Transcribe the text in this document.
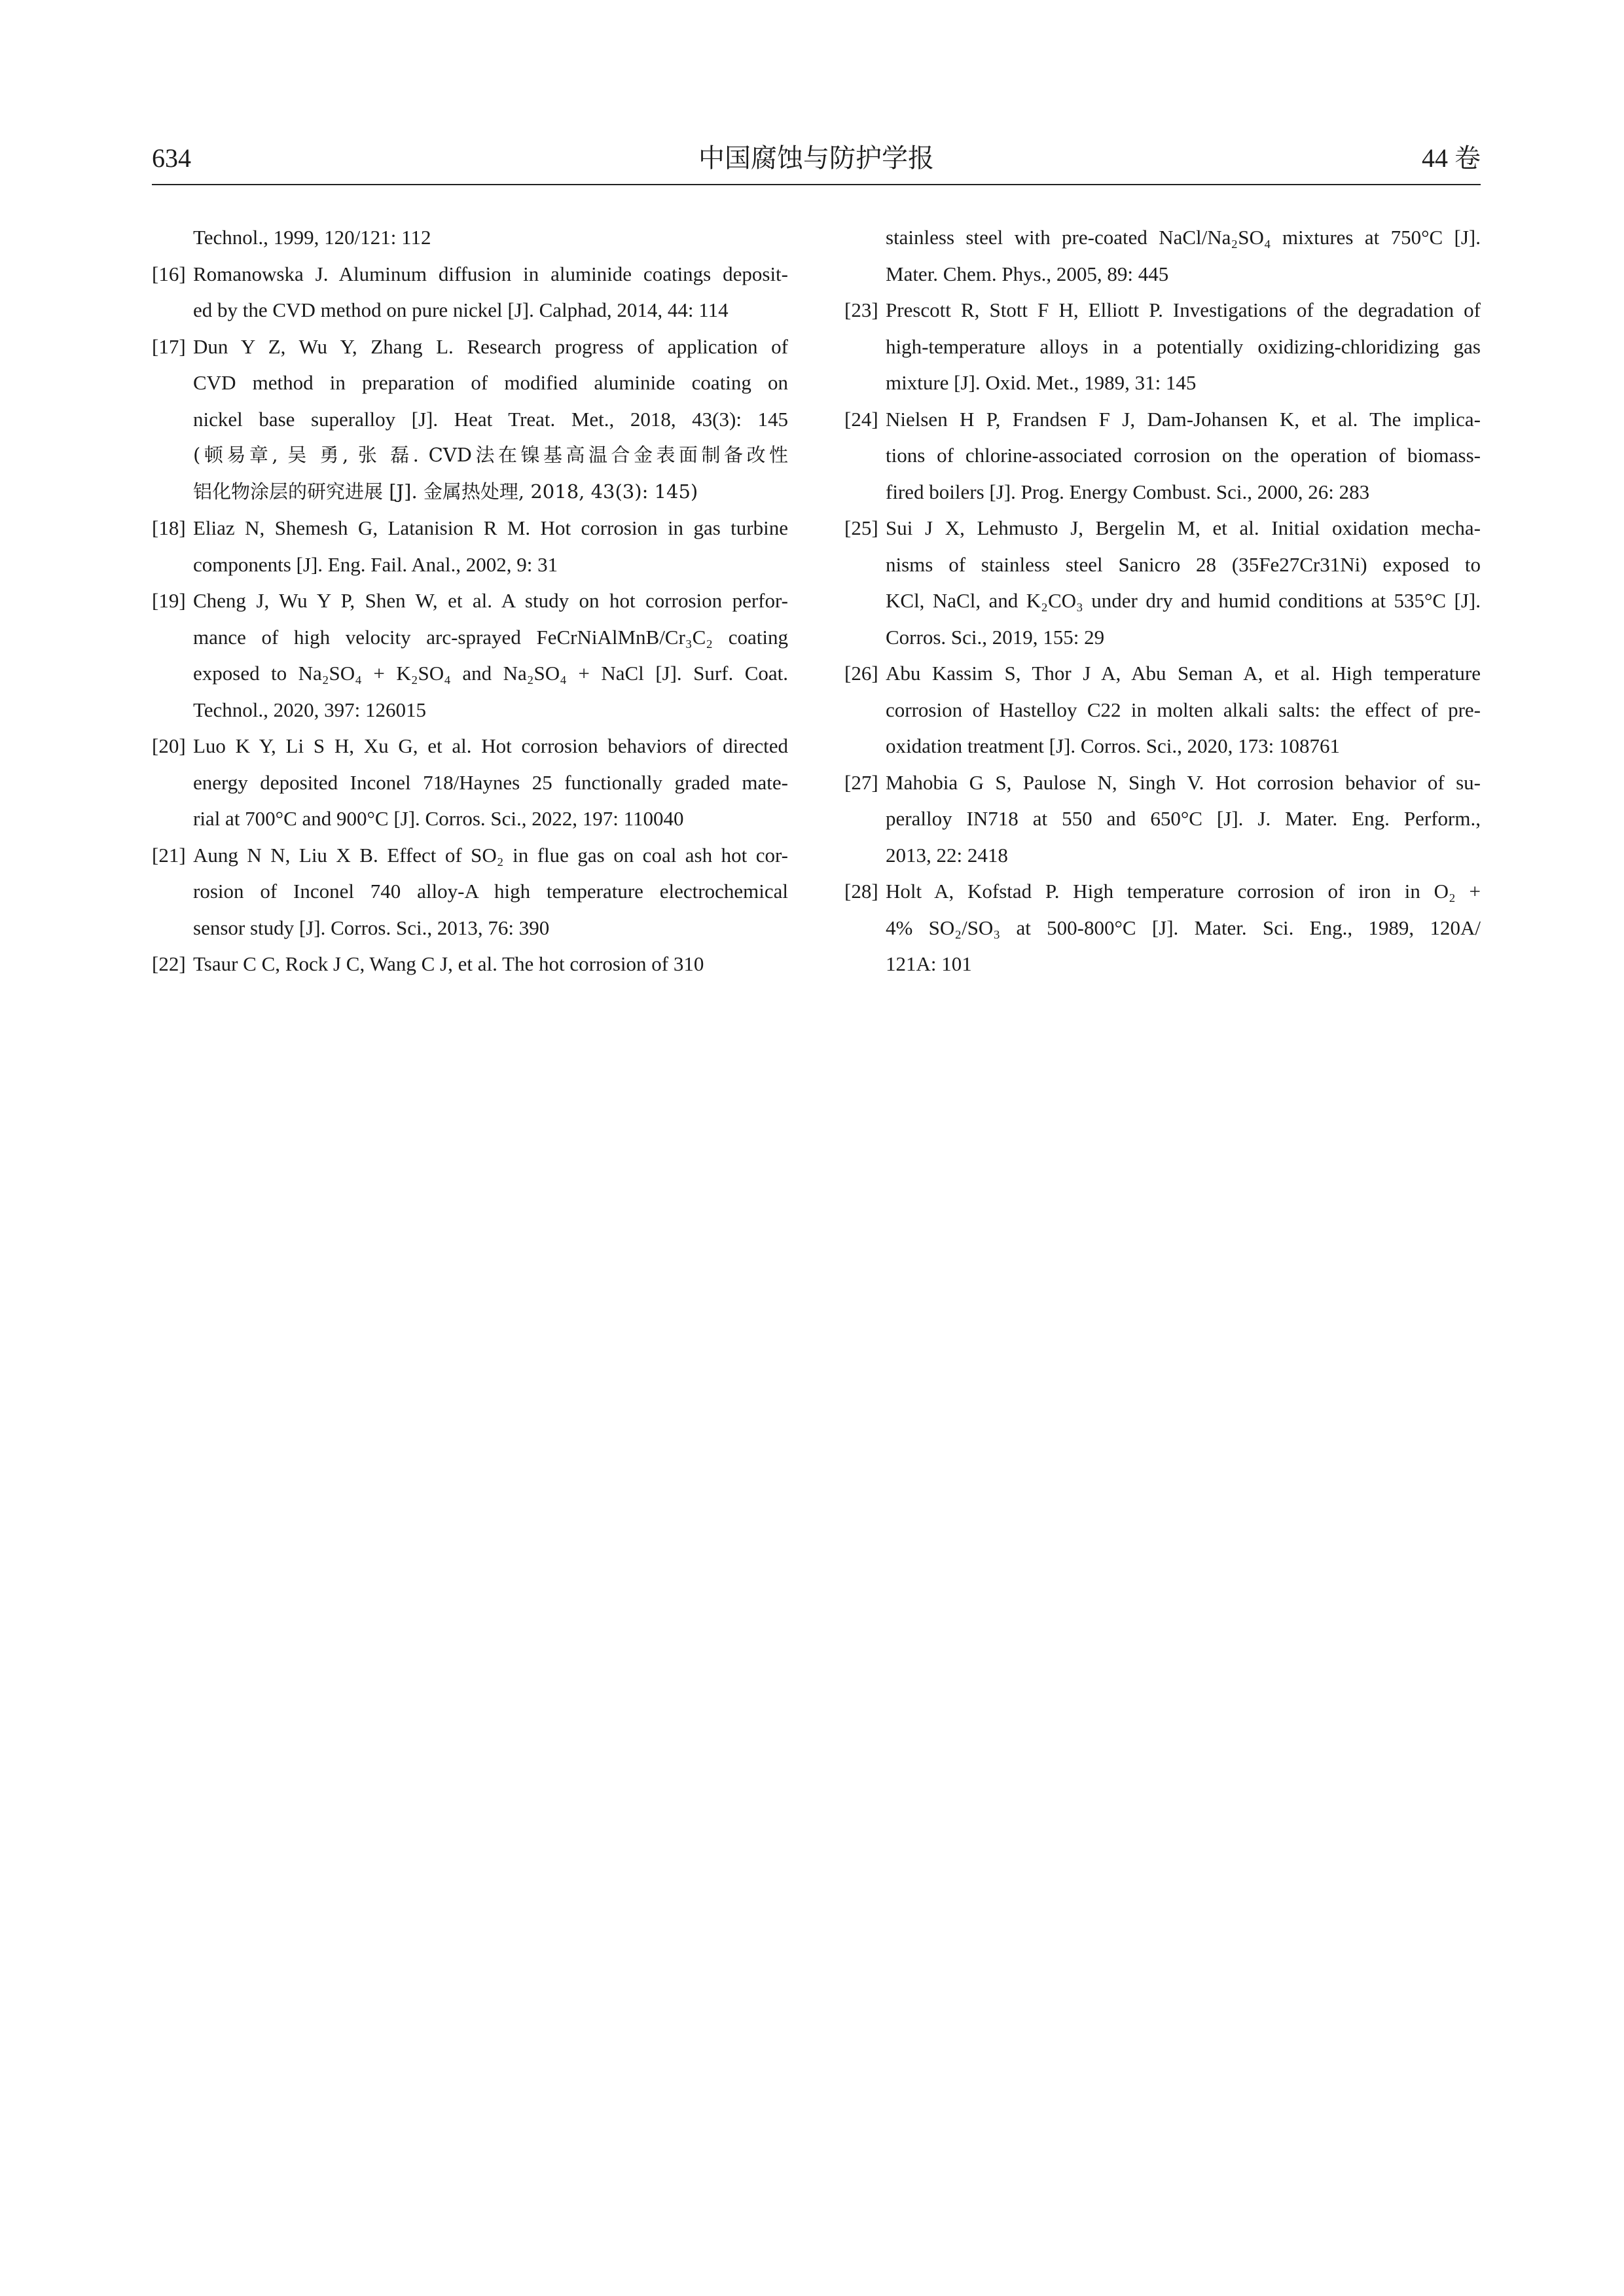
634	中国腐蚀与防护学报	44 卷
Technol., 1999, 120/121: 112
[16] Romanowska J. Aluminum diffusion in aluminide coatings deposit-
ed by the CVD method on pure nickel [J]. Calphad, 2014, 44: 114
[17] Dun Y Z, Wu Y, Zhang L. Research progress of application of
CVD method in preparation of modified aluminide coating on
nickel base superalloy [J]. Heat Treat. Met., 2018, 43(3): 145
(顿易章, 吴 勇, 张 磊. CVD法在镍基高温合金表面制备改性
铝化物涂层的研究进展 [J]. 金属热处理, 2018, 43(3): 145)
[18] Eliaz N, Shemesh G, Latanision R M. Hot corrosion in gas turbine
components [J]. Eng. Fail. Anal., 2002, 9: 31
[19] Cheng J, Wu Y P, Shen W, et al. A study on hot corrosion perfor-
mance of high velocity arc-sprayed FeCrNiAlMnB/Cr₃C₂ coating
exposed to Na₂SO₄ + K₂SO₄ and Na₂SO₄ + NaCl [J]. Surf. Coat.
Technol., 2020, 397: 126015
[20] Luo K Y, Li S H, Xu G, et al. Hot corrosion behaviors of directed
energy deposited Inconel 718/Haynes 25 functionally graded mate-
rial at 700°C and 900°C [J]. Corros. Sci., 2022, 197: 110040
[21] Aung N N, Liu X B. Effect of SO₂ in flue gas on coal ash hot cor-
rosion of Inconel 740 alloy-A high temperature electrochemical
sensor study [J]. Corros. Sci., 2013, 76: 390
[22] Tsaur C C, Rock J C, Wang C J, et al. The hot corrosion of 310
stainless steel with pre-coated NaCl/Na₂SO₄ mixtures at 750°C [J].
Mater. Chem. Phys., 2005, 89: 445
[23] Prescott R, Stott F H, Elliott P. Investigations of the degradation of
high-temperature alloys in a potentially oxidizing-chloridizing gas
mixture [J]. Oxid. Met., 1989, 31: 145
[24] Nielsen H P, Frandsen F J, Dam-Johansen K, et al. The implica-
tions of chlorine-associated corrosion on the operation of biomass-
fired boilers [J]. Prog. Energy Combust. Sci., 2000, 26: 283
[25] Sui J X, Lehmusto J, Bergelin M, et al. Initial oxidation mecha-
nisms of stainless steel Sanicro 28 (35Fe27Cr31Ni) exposed to
KCl, NaCl, and K₂CO₃ under dry and humid conditions at 535°C [J].
Corros. Sci., 2019, 155: 29
[26] Abu Kassim S, Thor J A, Abu Seman A, et al. High temperature
corrosion of Hastelloy C22 in molten alkali salts: the effect of pre-
oxidation treatment [J]. Corros. Sci., 2020, 173: 108761
[27] Mahobia G S, Paulose N, Singh V. Hot corrosion behavior of su-
peralloy IN718 at 550 and 650°C [J]. J. Mater. Eng. Perform.,
2013, 22: 2418
[28] Holt A, Kofstad P. High temperature corrosion of iron in O₂ +
4% SO₂/SO₃ at 500-800°C [J]. Mater. Sci. Eng., 1989, 120A/
121A: 101
